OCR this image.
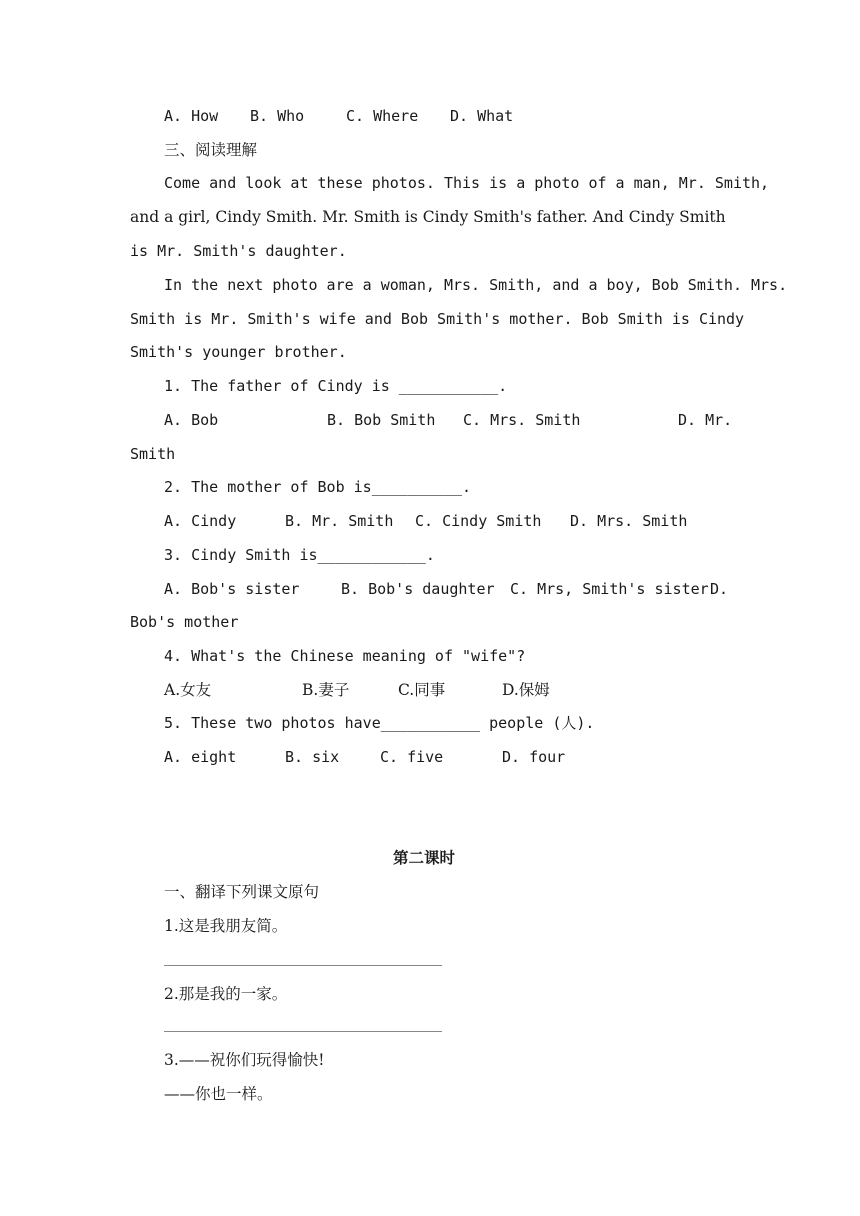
A. How B. Who	C. Where D. What
三、阅读理解
Come and look at these photos. This is a photo of a man, Mr. Smith,
and a girl, Cindy Smith. Mr. Smith is Cindy Smith's father. And Cindy Smith
is Mr. Smith's daughter.
In the next photo are a woman, Mrs. Smith, and a boy, Bob Smith. Mrs.
Smith is Mr. Smith's wife and Bob Smith's mother. Bob Smith is Cindy
Smith's younger brother.
1. The father of Cindy is ___________.
A. Bob	B. Bob Smith C. Mrs. Smith	D. Mr.
Smith
2. The mother of Bob is__________.
A. Cindy	B. Mr. Smith C. Cindy Smith D. Mrs. Smith
3. Cindy Smith is____________.
A. Bob's sister	B. Bob's daughter C. Mrs, Smith's sister D.
Bob's mother
4. What's the Chinese meaning of "wife"?
A.女友	B.妻子	C.同事	D.保姆
5. These two photos have___________ people (人).
A. eight	B. six	C. five	D. four
第二课时
一、翻译下列课文原句
1.这是我朋友简。
2.那是我的一家。
3.——祝你们玩得愉快!
——你也一样。
